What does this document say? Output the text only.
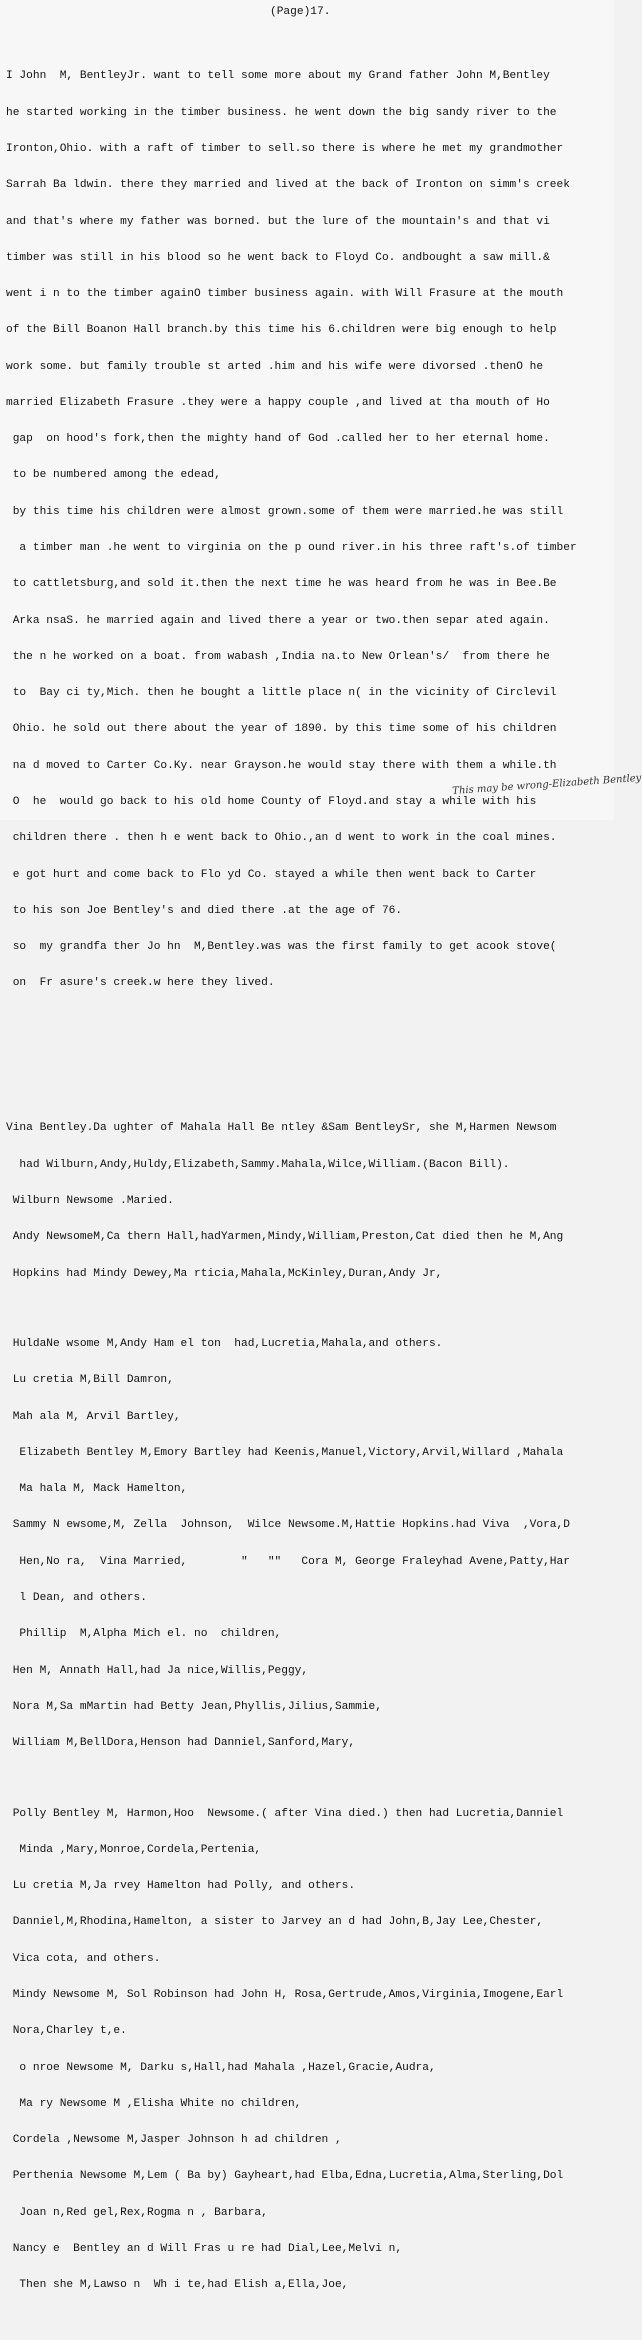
(Page)17.

I John  M, BentleyJr. want to tell some more about my Grand father John M,Bentley

he started working in the timber business. he went down the big sandy river to the

Ironton,Ohio. with a raft of timber to sell.so there is where he met my grandmother

Sarrah Ba ldwin. there they married and lived at the back of Ironton on simm's creek

and that's where my father was borned. but the lure of the mountain's and that vi

timber was still in his blood so he went back to Floyd Co. andbought a saw mill.&

went i n to the timber againO timber business again. with Will Frasure at the mouth

of the Bill Boanon Hall branch.by this time his 6.children were big enough to help

work some. but family trouble st arted .him and his wife were divorsed .thenO he

married Elizabeth Frasure .they were a happy couple ,and lived at tha mouth of Ho

gap  on hood's fork,then the mighty hand of God .called her to her eternal home.

to be numbered among the edead,

by this time his children were almost grown.some of them were married.he was still

a timber man .he went to virginia on the p ound river.in his three raft's.of timber

to cattletsburg,and sold it.then the next time he was heard from he was in Bee.Be

Arka nsaS. he married again and lived there a year or two.then separ ated again.

the n he worked on a boat. from wabash ,India na.to New Orlean's/  from there he

to  Bay ci ty,Mich. then he bought a little place n( in the vicinity of Circlevil

Ohio. he sold out there about the year of 1890. by this time some of his children

na d moved to Carter Co.Ky. near Grayson.he would stay there with them a while.th

O  he  would go back to his old home County of Floyd.and stay a while with his

children there . then h e went back to Ohio.,an d went to work in the coal mines.

e got hurt and come back to Flo yd Co. stayed a while then went back to Carter

to his son Joe Bentley's and died there .at the age of 76.

so  my grandfa ther Jo hn  M,Bentley.was was the first family to get acook stove(

on  Fr asure's creek.w here they lived.

Vina Bentley.Da ughter of Mahala Hall Be ntley &Sam BentleySr, she M,Harmen Newsom

had Wilburn,Andy,Huldy,Elizabeth,Sammy.Mahala,Wilce,William.(Bacon Bill).

Wilburn Newsome .Maried.

Andy NewsomeM,Ca thern Hall,hadYarmen,Mindy,William,Preston,Cat died then he M,Ang

Hopkins had Mindy Dewey,Ma rticia,Mahala,McKinley,Duran,Andy Jr,

HuldaNe wsome M,Andy Ham el ton  had,Lucretia,Mahala,and others.

Lu cretia M,Bill Damron,

Mah ala M, Arvil Bartley,

Elizabeth Bentley M,Emory Bartley had Keenis,Manuel,Victory,Arvil,Willard ,Mahala

Ma hala M, Mack Hamelton,

Sammy N ewsome,M, Zella  Johnson,  Wilce Newsome.M,Hattie Hopkins.had Viva  ,Vora,D

Hen,No ra,  Vina Married,        "   ""   Cora M, George Fraleyhad Avene,Patty,Har

l Dean, and others.

Phillip  M,Alpha Mich el. no  children,

Hen M, Annath Hall,had Ja nice,Willis,Peggy,

Nora M,Sa mMartin had Betty Jean,Phyllis,Jilius,Sammie,

William M,BellDora,Henson had Danniel,Sanford,Mary,

Polly Bentley M, Harmon,Hoo  Newsome.( after Vina died.) then had Lucretia,Danniel

Minda ,Mary,Monroe,Cordela,Pertenia,

Lu cretia M,Ja rvey Hamelton had Polly, and others.

Danniel,M,Rhodina,Hamelton, a sister to Jarvey an d had John,B,Jay Lee,Chester,

Vica cota, and others.

Mindy Newsome M, Sol Robinson had John H, Rosa,Gertrude,Amos,Virginia,Imogene,Earl

Nora,Charley t,e.

o nroe Newsome M, Darku s,Hall,had Mahala ,Hazel,Gracie,Audra,

Ma ry Newsome M ,Elisha White no children,

Cordela ,Newsome M,Jasper Johnson h ad children ,

Perthenia Newsome M,Lem ( Ba by) Gayheart,had Elba,Edna,Lucretia,Alma,Sterling,Dol

Joan n,Red gel,Rex,Rogma n , Barbara,

Nancy e  Bentley an d Will Fras u re had Dial,Lee,Melvi n,

Then she M,Lawso n  Wh i te,had Elish a,Ella,Joe,

This may be wrong-Elizabeth Bentley
